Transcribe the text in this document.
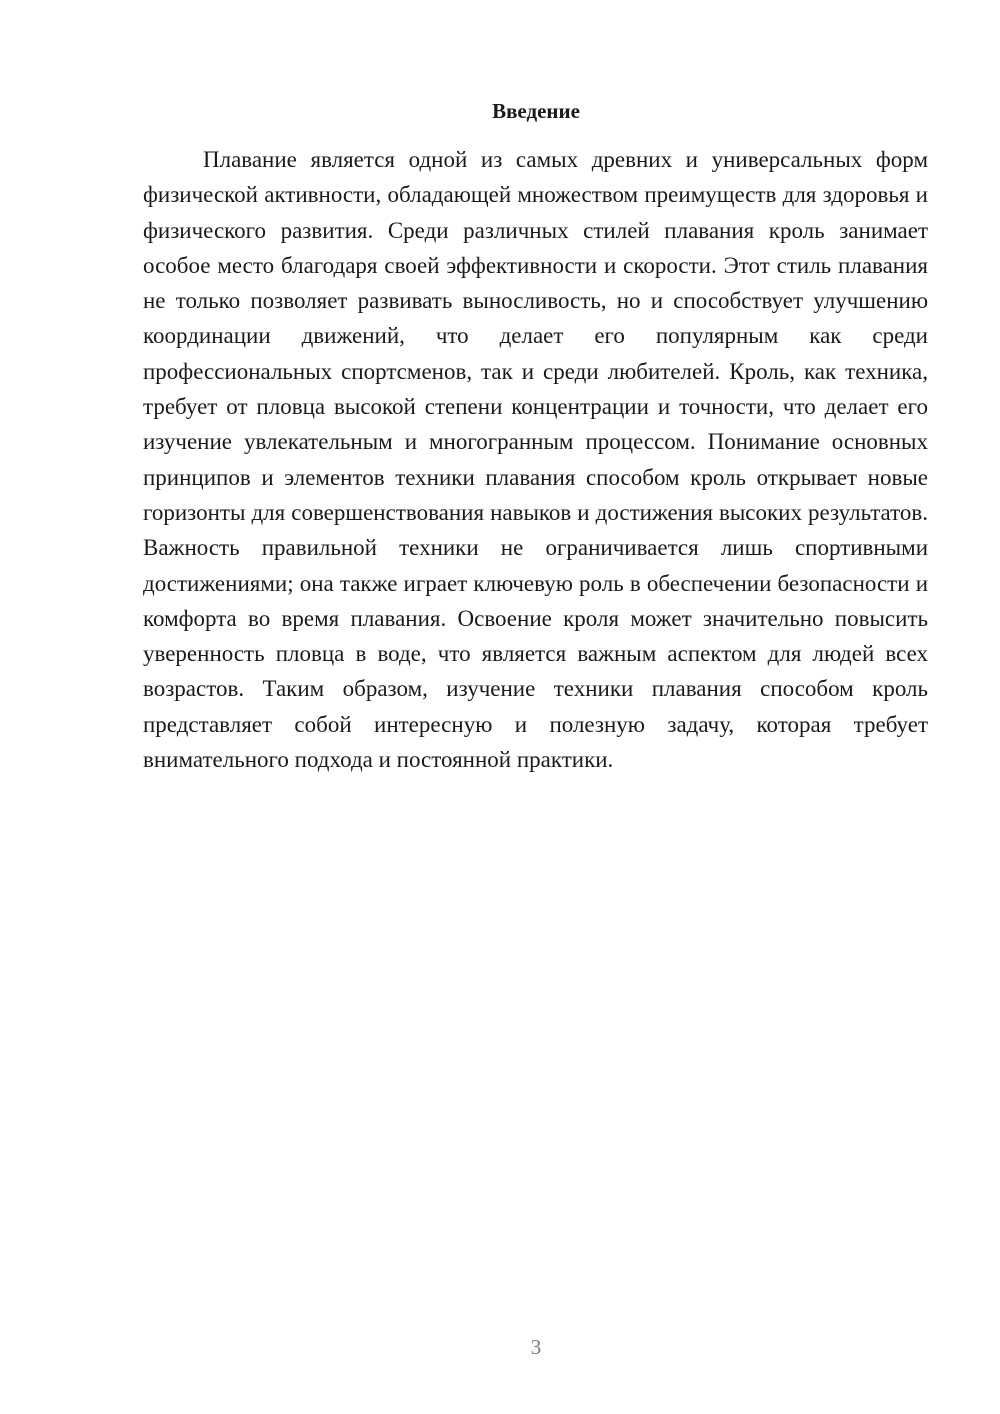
Введение

Плавание является одной из самых древних и универсальных форм физической активности, обладающей множеством преимуществ для здоровья и физического развития. Среди различных стилей плавания кроль занимает особое место благодаря своей эффективности и скорости. Этот стиль плавания не только позволяет развивать выносливость, но и способствует улучшению координации движений, что делает его популярным как среди профессиональных спортсменов, так и среди любителей. Кроль, как техника, требует от пловца высокой степени концентрации и точности, что делает его изучение увлекательным и многогранным процессом. Понимание основных принципов и элементов техники плавания способом кроль открывает новые горизонты для совершенствования навыков и достижения высоких результатов. Важность правильной техники не ограничивается лишь спортивными достижениями; она также играет ключевую роль в обеспечении безопасности и комфорта во время плавания. Освоение кроля может значительно повысить уверенность пловца в воде, что является важным аспектом для людей всех возрастов. Таким образом, изучение техники плавания способом кроль представляет собой интересную и полезную задачу, которая требует внимательного подхода и постоянной практики.

3
